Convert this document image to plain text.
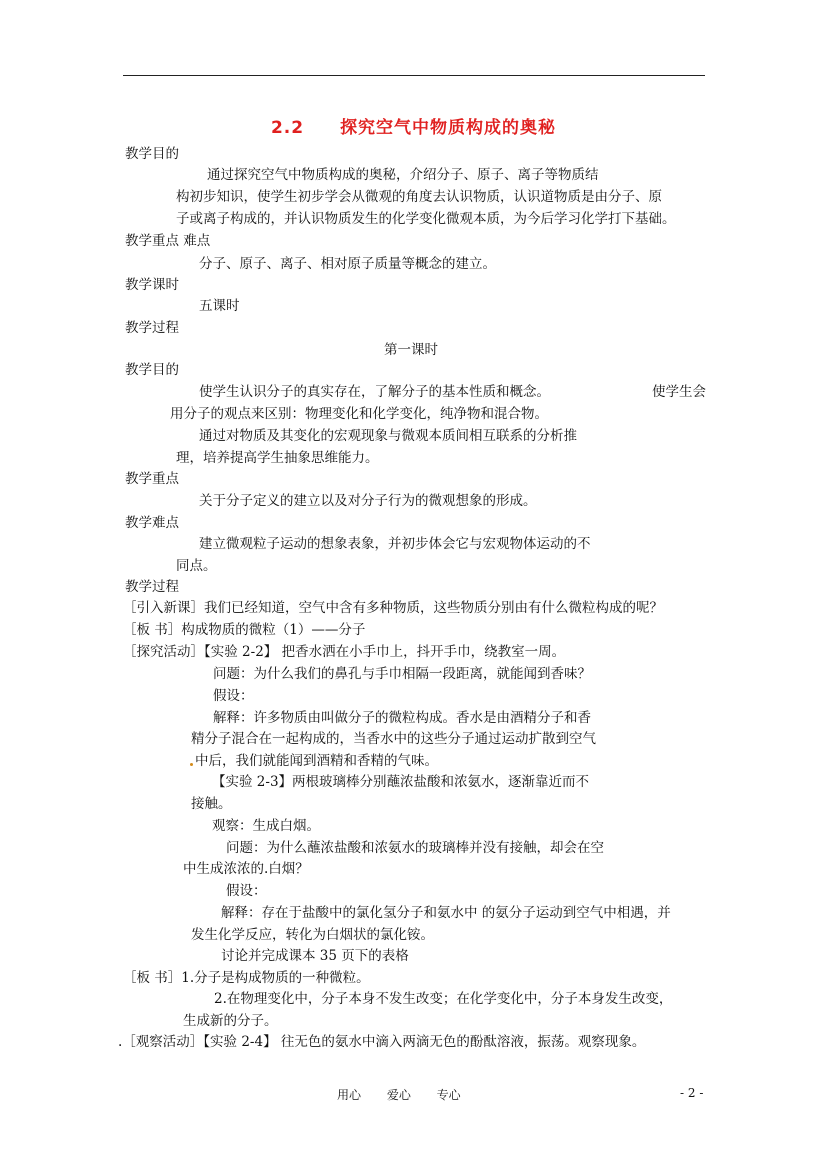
2.2 探究空气中物质构成的奥秘
教学目的
通过探究空气中物质构成的奥秘，介绍分子、原子、离子等物质结
构初步知识，使学生初步学会从微观的角度去认识物质，认识道物质是由分子、原
子或离子构成的，并认识物质发生的化学变化微观本质，为今后学习化学打下基础。
教学重点 难点
分子、原子、离子、相对原子质量等概念的建立。
教学课时
五课时
教学过程
第一课时
教学目的
使学生认识分子的真实存在，了解分子的基本性质和概念。	使学生会
用分子的观点来区别：物理变化和化学变化，纯净物和混合物。
通过对物质及其变化的宏观现象与微观本质间相互联系的分析推
理，培养提高学生抽象思维能力。
教学重点
关于分子定义的建立以及对分子行为的微观想象的形成。
教学难点
建立微观粒子运动的想象表象，并初步体会它与宏观物体运动的不
同点。
教学过程
［引入新课］我们已经知道，空气中含有多种物质，这些物质分别由有什么微粒构成的呢？
［板 书］构成物质的微粒（1）——分子
［探究活动］【实验 2-2】 把香水洒在小手巾上，抖开手巾，绕教室一周。
问题：为什么我们的鼻孔与手巾相隔一段距离，就能闻到香味？
假设：
解释：许多物质由叫做分子的微粒构成。香水是由酒精分子和香
精分子混合在一起构成的，当香水中的这些分子通过运动扩散到空气
中后，我们就能闻到酒精和香精的气味。
【实验 2-3】两根玻璃棒分别蘸浓盐酸和浓氨水，逐渐靠近而不
接触。
观察：生成白烟。
问题：为什么蘸浓盐酸和浓氨水的玻璃棒并没有接触，却会在空
中生成浓浓的.白烟？
假设：
解释：存在于盐酸中的氯化氢分子和氨水中 的氨分子运动到空气中相遇，并
发生化学反应，转化为白烟状的氯化铵。
讨论并完成课本 35 页下的表格
［板 书］1.分子是构成物质的一种微粒。
2.在物理变化中，分子本身不发生改变；在化学变化中，分子本身发生改变，
生成新的分子。
.［观察活动］【实验 2-4】 往无色的氨水中滴入两滴无色的酚酞溶液，振荡。观察现象。
用心 爱心 专心	- 2 -
